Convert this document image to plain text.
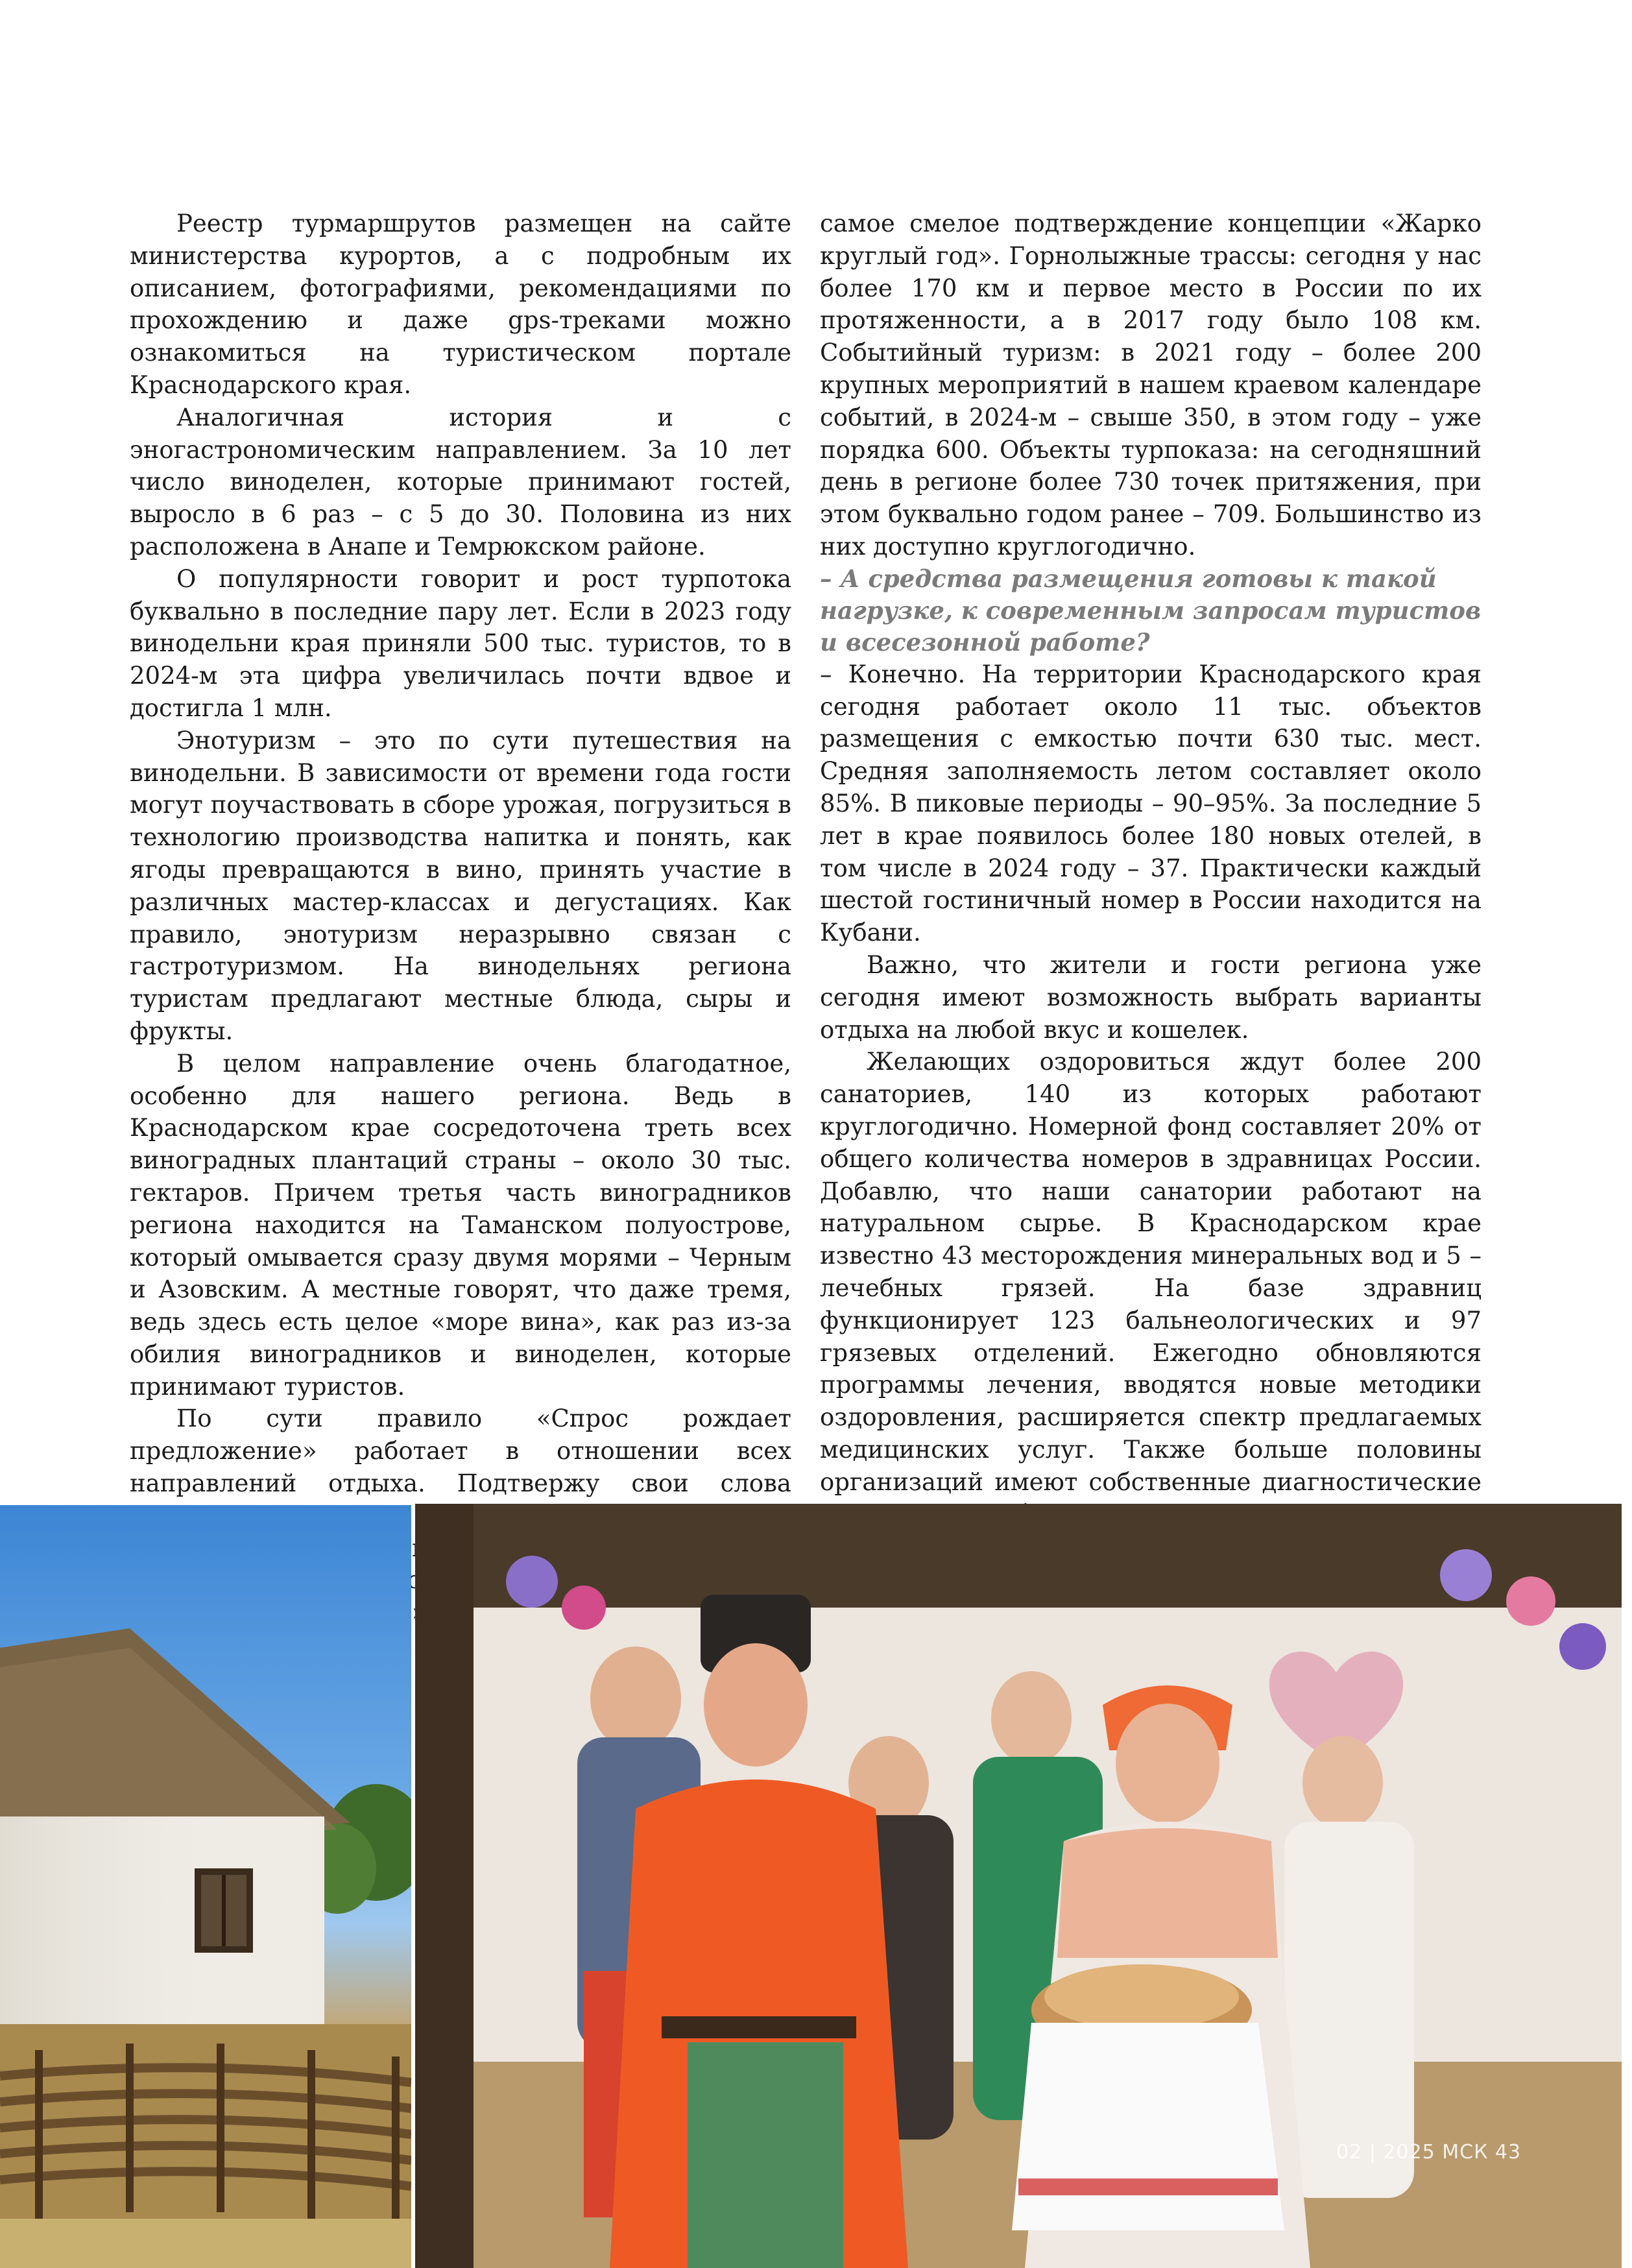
Реестр турмаршрутов размещен на сайте министерства курортов, а с подробным их описанием, фотографиями, рекомендациями по прохождению и даже gps-треками можно ознакомиться на туристическом портале Краснодарского края.

Аналогичная история и с эногастрономическим направлением. За 10 лет число виноделен, которые принимают гостей, выросло в 6 раз – с 5 до 30. Половина из них расположена в Анапе и Темрюкском районе.

О популярности говорит и рост турпотока буквально в последние пару лет. Если в 2023 году винодельни края приняли 500 тыс. туристов, то в 2024-м эта цифра увеличилась почти вдвое и достигла 1 млн.

Энотуризм – это по сути путешествия на винодельни. В зависимости от времени года гости могут поучаствовать в сборе урожая, погрузиться в технологию производства напитка и понять, как ягоды превращаются в вино, принять участие в различных мастер-классах и дегустациях. Как правило, энотуризм неразрывно связан с гастротуризмом. На винодельнях региона туристам предлагают местные блюда, сыры и фрукты.

В целом направление очень благодатное, особенно для нашего региона. Ведь в Краснодарском крае сосредоточена треть всех виноградных плантаций страны – около 30 тыс. гектаров. Причем третья часть виноградников региона находится на Таманском полуострове, который омывается сразу двумя морями – Черным и Азовским. А местные говорят, что даже тремя, ведь здесь есть целое «море вина», как раз из-за обилия виноградников и виноделен, которые принимают туристов.

По сути правило «Спрос рождает предложение» работает в отношении всех направлений отдыха. Подтвержу свои слова

самое смелое подтверждение концепции «Жарко круглый год». Горнолыжные трассы: сегодня у нас более 170 км и первое место в России по их протяженности, а в 2017 году было 108 км. Событийный туризм: в 2021 году – более 200 крупных мероприятий в нашем краевом календаре событий, в 2024-м – свыше 350, в этом году – уже порядка 600. Объекты турпоказа: на сегодняшний день в регионе более 730 точек притяжения, при этом буквально годом ранее – 709. Большинство из них доступно круглогодично.

– А средства размещения готовы к такой нагрузке, к современным запросам туристов и всесезонной работе?

– Конечно. На территории Краснодарского края сегодня работает около 11 тыс. объектов размещения с емкостью почти 630 тыс. мест. Средняя заполняемость летом составляет около 85%. В пиковые периоды – 90–95%. За последние 5 лет в крае появилось более 180 новых отелей, в том числе в 2024 году – 37. Практически каждый шестой гостиничный номер в России находится на Кубани.

Важно, что жители и гости региона уже сегодня имеют возможность выбрать варианты отдыха на любой вкус и кошелек.

Желающих оздоровиться ждут более 200 санаториев, 140 из которых работают круглогодично. Номерной фонд составляет 20% от общего количества номеров в здравницах России. Добавлю, что наши санатории работают на натуральном сырье. В Краснодарском крае известно 43 месторождения минеральных вод и 5 – лечебных грязей. На базе здравниц функционирует 123 бальнеологических и 97 грязевых отделений. Ежегодно обновляются программы лечения, вводятся новые методики оздоровления, расширяется спектр предлагаемых медицинских услуг. Также больше половины организаций имеют собственные диагностические

02 | 2025 МСК 43
